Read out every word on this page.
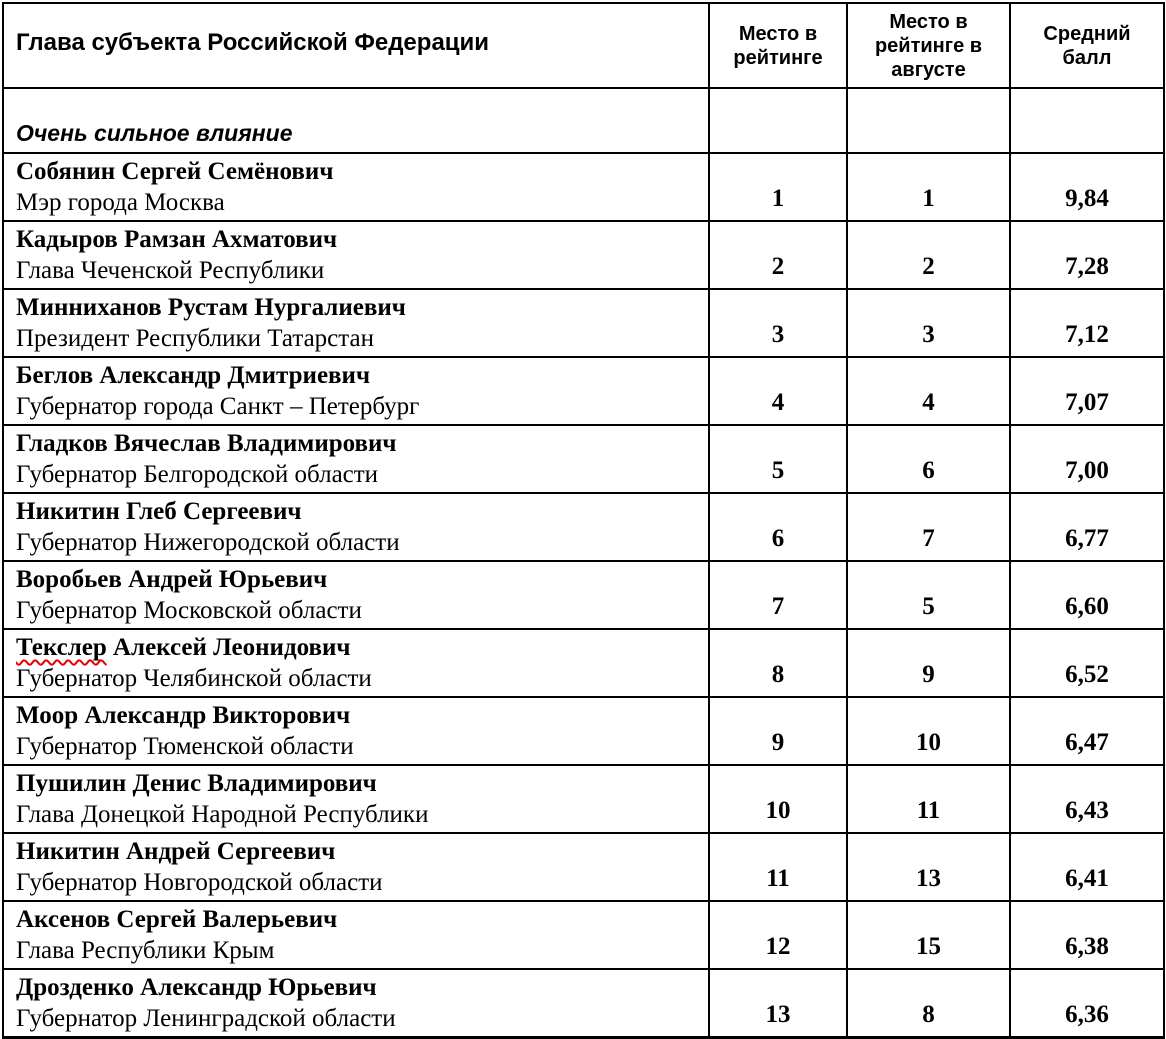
Глава субъекта Российской Федерации	Место в рейтинге	Место в рейтинге в августе	Средний балл
Очень сильное влияние			

Собянин Сергей Семёнович
Мэр города Москва	1	1	9,84

Кадыров Рамзан Ахматович
Глава Чеченской Республики	2	2	7,28

Минниханов Рустам Нургалиевич
Президент Республики Татарстан	3	3	7,12

Беглов Александр Дмитриевич
Губернатор города Санкт – Петербург	4	4	7,07

Гладков Вячеслав Владимирович
Губернатор Белгородской области	5	6	7,00

Никитин Глеб Сергеевич
Губернатор Нижегородской области	6	7	6,77

Воробьев Андрей Юрьевич
Губернатор Московской области	7	5	6,60

Текслер Алексей Леонидович
Губернатор Челябинской области	8	9	6,52

Моор Александр Викторович
Губернатор Тюменской области	9	10	6,47

Пушилин Денис Владимирович
Глава Донецкой Народной Республики	10	11	6,43

Никитин Андрей Сергеевич
Губернатор Новгородской области	11	13	6,41

Аксенов Сергей Валерьевич
Глава Республики Крым	12	15	6,38

Дрозденко Александр Юрьевич
Губернатор Ленинградской области	13	8	6,36
